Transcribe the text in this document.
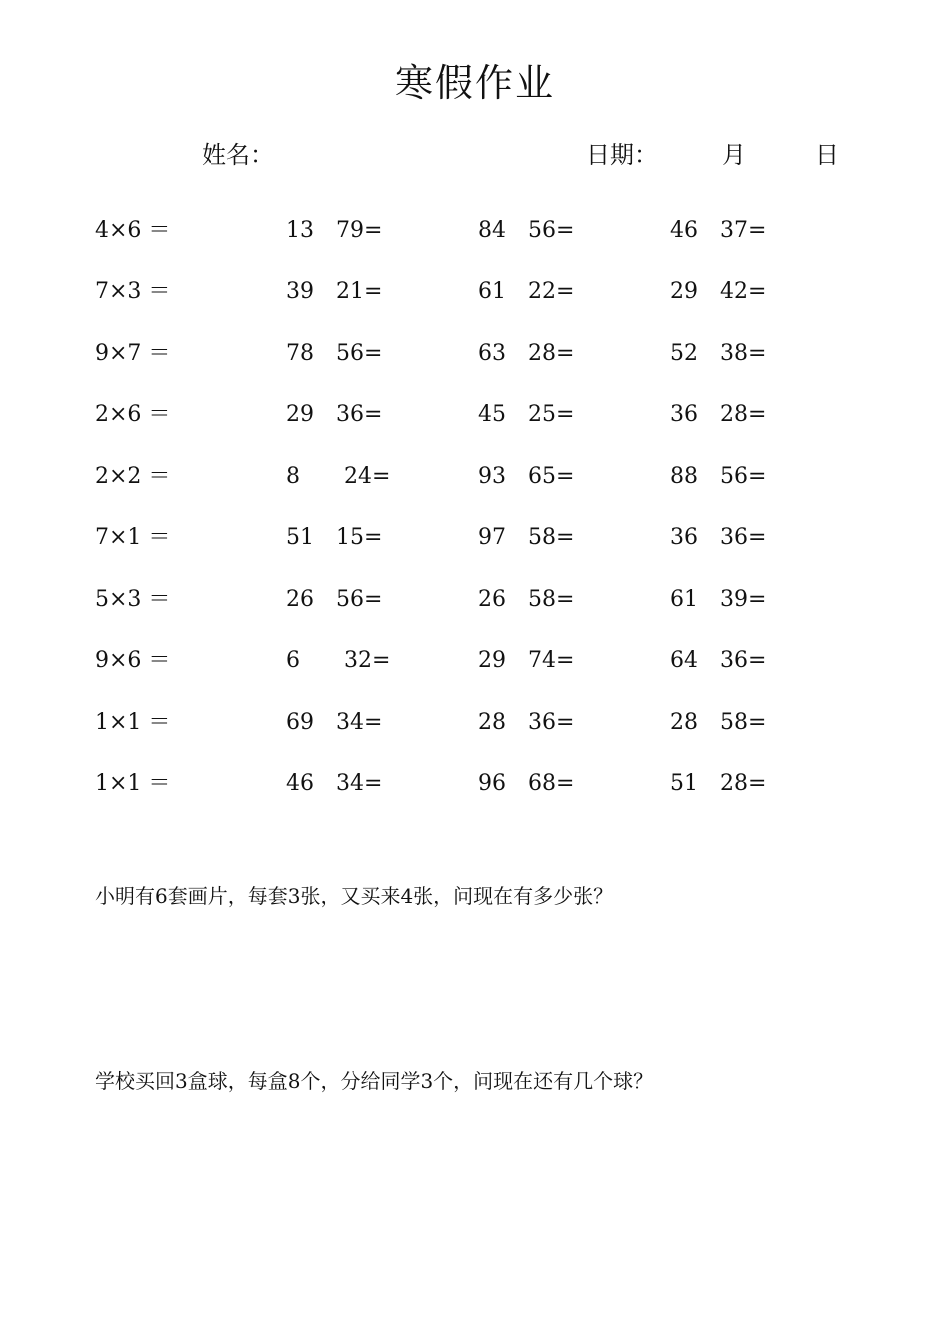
寒假作业
姓名：	日期：	月	日
4×6 ＝	13　79=	84　56=	46　37=
7×3 ＝	39　21=	61　22=	29　42=
9×7 ＝	78　56=	63　28=	52　38=
2×6 ＝	29　36=	45　25=	36　28=
2×2 ＝	8　　24=	93　65=	88　56=
7×1 ＝	51　15=	97　58=	36　36=
5×3 ＝	26　56=	26　58=	61　39=
9×6 ＝	6　　32=	29　74=	64　36=
1×1 ＝	69　34=	28　36=	28　58=
1×1 ＝	46　34=	96　68=	51　28=
小明有6套画片，每套3张，又买来4张，问现在有多少张？
学校买回3盒球，每盒8个，分给同学3个，问现在还有几个球？
